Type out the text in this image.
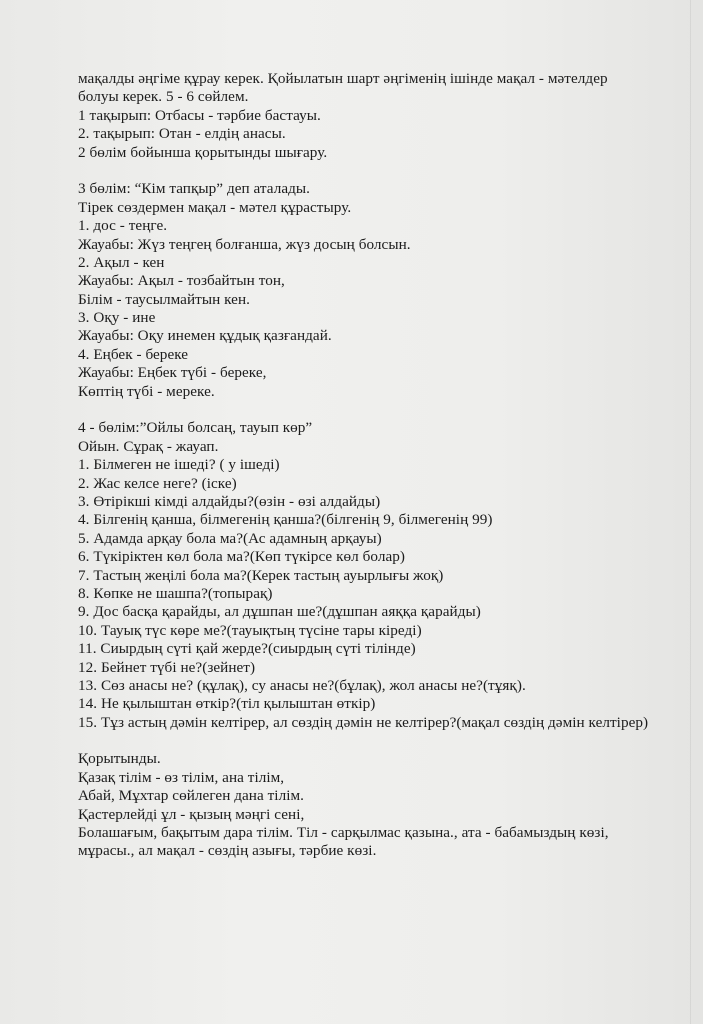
мақалды әңгіме құрау керек. Қойылатын шарт әңгіменің ішінде мақал - мәтелдер
болуы керек. 5 - 6 сөйлем.
1 тақырып: Отбасы - тәрбие бастауы.
2. тақырып: Отан - елдің анасы.
2 бөлім бойынша қорытынды шығару.
3 бөлім: “Кім тапқыр” деп аталады.
Тірек сөздермен мақал - мәтел құрастыру.
1. дос - теңге.
Жауабы: Жүз теңгең болғанша, жүз досың болсын.
2. Ақыл - кен
Жауабы: Ақыл - тозбайтын тон,
Білім - таусылмайтын кен.
3. Оқу - ине
Жауабы: Оқу инемен құдық қазғандай.
4. Еңбек - береке
Жауабы: Еңбек түбі - береке,
Көптің түбі - мереке.
4 - бөлім:”Ойлы болсаң, тауып көр”
Ойын. Сұрақ - жауап.
1. Білмеген не ішеді? ( у ішеді)
2. Жас келсе неге? (іске)
3. Өтірікші кімді алдайды?(өзін - өзі алдайды)
4. Білгенің қанша, білмегенің қанша?(білгенің 9, білмегенің 99)
5. Адамда арқау бола ма?(Ас адамның арқауы)
6. Түкіріктен көл бола ма?(Көп түкірсе көл болар)
7. Тастың жеңілі бола ма?(Керек тастың ауырлығы жоқ)
8. Көпке не шашпа?(топырақ)
9. Дос басқа қарайды, ал дұшпан ше?(дұшпан аяққа қарайды)
10. Тауық түс көре ме?(тауықтың түсіне тары кіреді)
11. Сиырдың сүті қай жерде?(сиырдың сүті тілінде)
12. Бейнет түбі не?(зейнет)
13. Сөз анасы не? (құлақ), су анасы не?(бұлақ), жол анасы не?(тұяқ).
14. Не қылыштан өткір?(тіл қылыштан өткір)
15. Тұз астың дәмін келтірер, ал сөздің дәмін не келтірер?(мақал сөздің дәмін келтірер)
Қорытынды.
Қазақ тілім - өз тілім, ана тілім,
Абай, Мұхтар сөйлеген дана тілім.
Қастерлейді ұл - қызың мәңгі сені,
Болашағым, бақытым дара тілім. Тіл - сарқылмас қазына., ата - бабамыздың көзі, мұрасы., ал мақал - сөздің азығы, тәрбие көзі.
